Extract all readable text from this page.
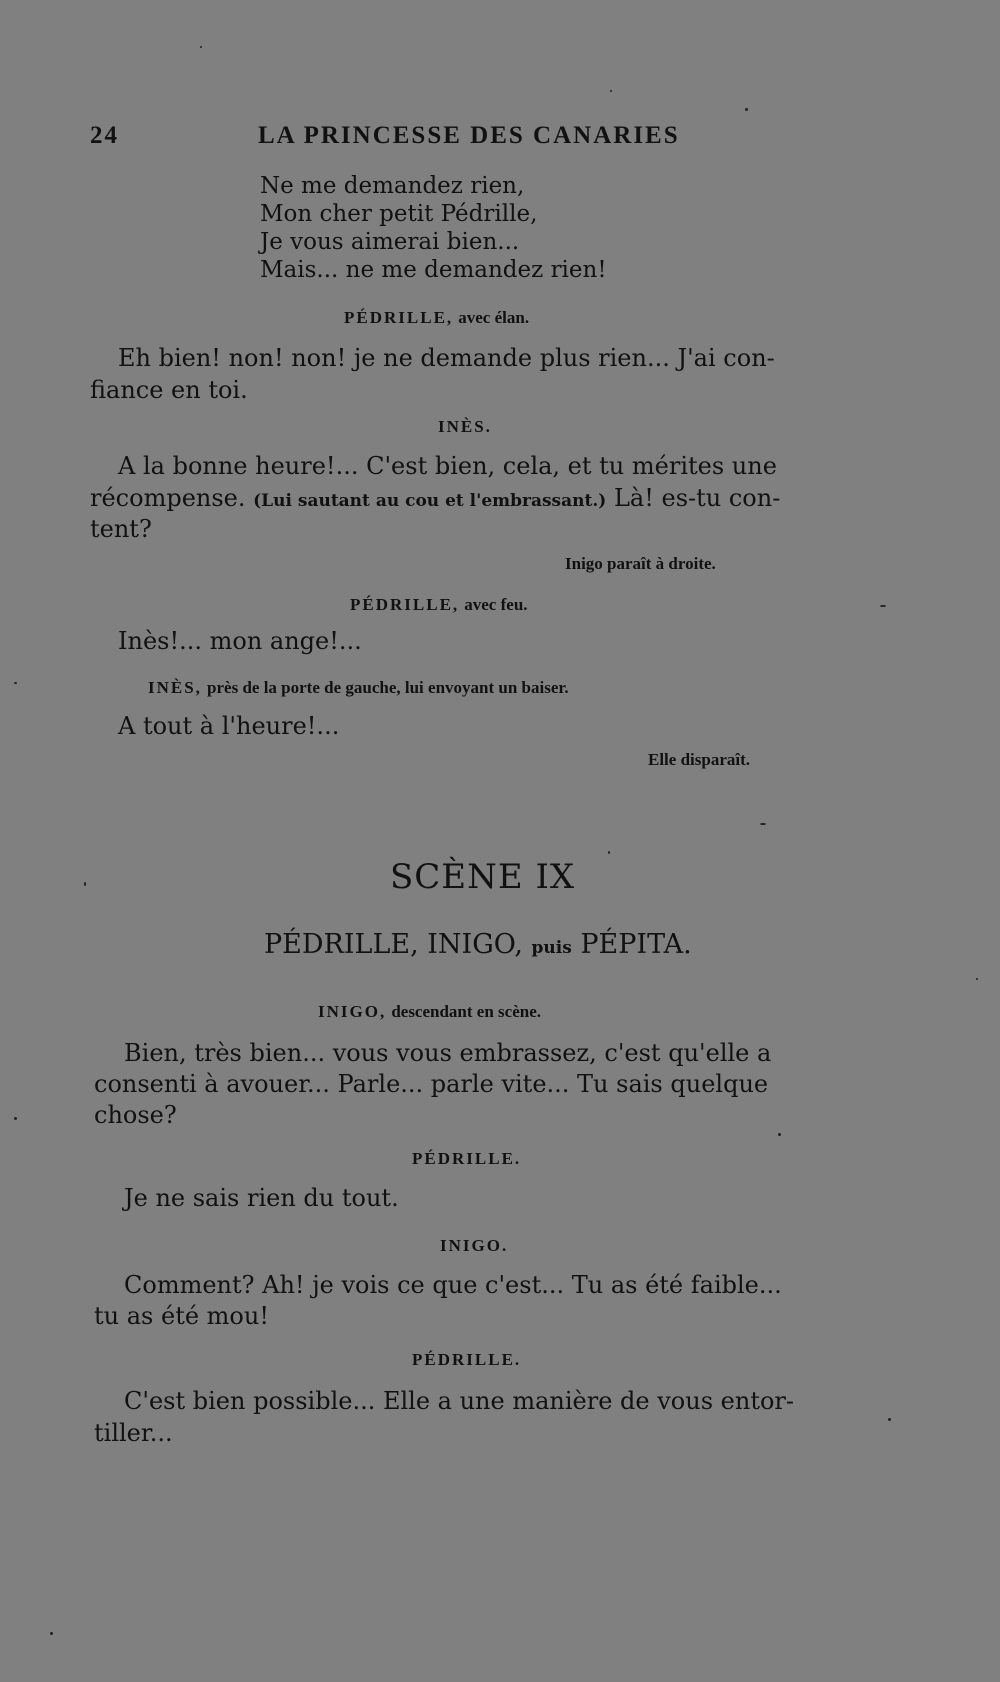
24	LA PRINCESSE DES CANARIES
Ne me demandez rien,
Mon cher petit Pédrille,
Je vous aimerai bien...
Mais... ne me demandez rien!
PÉDRILLE, avec élan.
Eh bien! non! non! je ne demande plus rien... J'ai con-
fiance en toi.
INÈS.
A la bonne heure!... C'est bien, cela, et tu mérites une
récompense. (Lui sautant au cou et l'embrassant.) Là! es-tu con-
tent?
Inigo paraît à droite.
PÉDRILLE, avec feu.
Inès!... mon ange!...
INÈS, près de la porte de gauche, lui envoyant un baiser.
A tout à l'heure!...
Elle disparaît.
SCÈNE IX
PÉDRILLE, INIGO, puis PÉPITA.
INIGO, descendant en scène.
Bien, très bien... vous vous embrassez, c'est qu'elle a
consenti à avouer... Parle... parle vite... Tu sais quelque
chose?
PÉDRILLE.
Je ne sais rien du tout.
INIGO.
Comment? Ah! je vois ce que c'est... Tu as été faible...
tu as été mou!
PÉDRILLE.
C'est bien possible... Elle a une manière de vous entor-
tiller...
